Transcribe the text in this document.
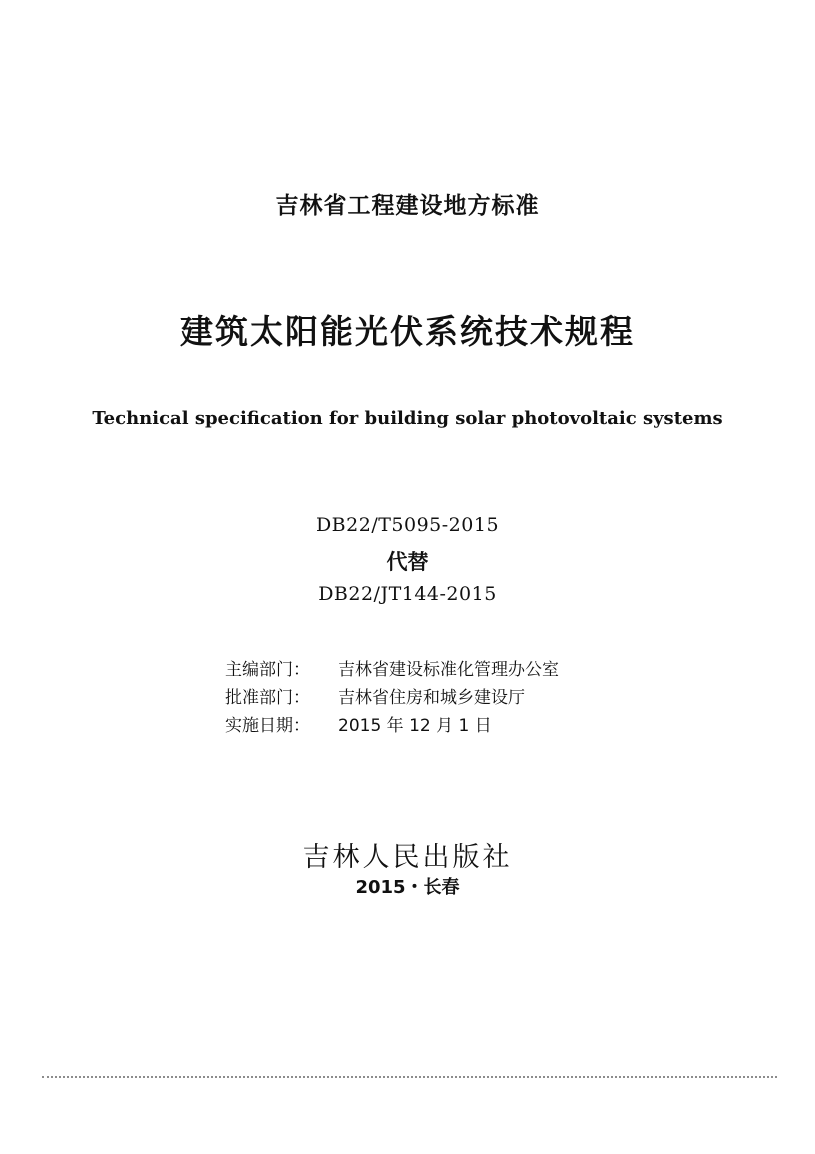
吉林省工程建设地方标准
建筑太阳能光伏系统技术规程
Technical specification for building solar photovoltaic systems
DB22/T5095-2015
代替
DB22/JT144-2015
主编部门：	吉林省建设标准化管理办公室
批准部门：	吉林省住房和城乡建设厅
实施日期：	2015 年 12 月 1 日
吉林人民出版社
2015・长春
